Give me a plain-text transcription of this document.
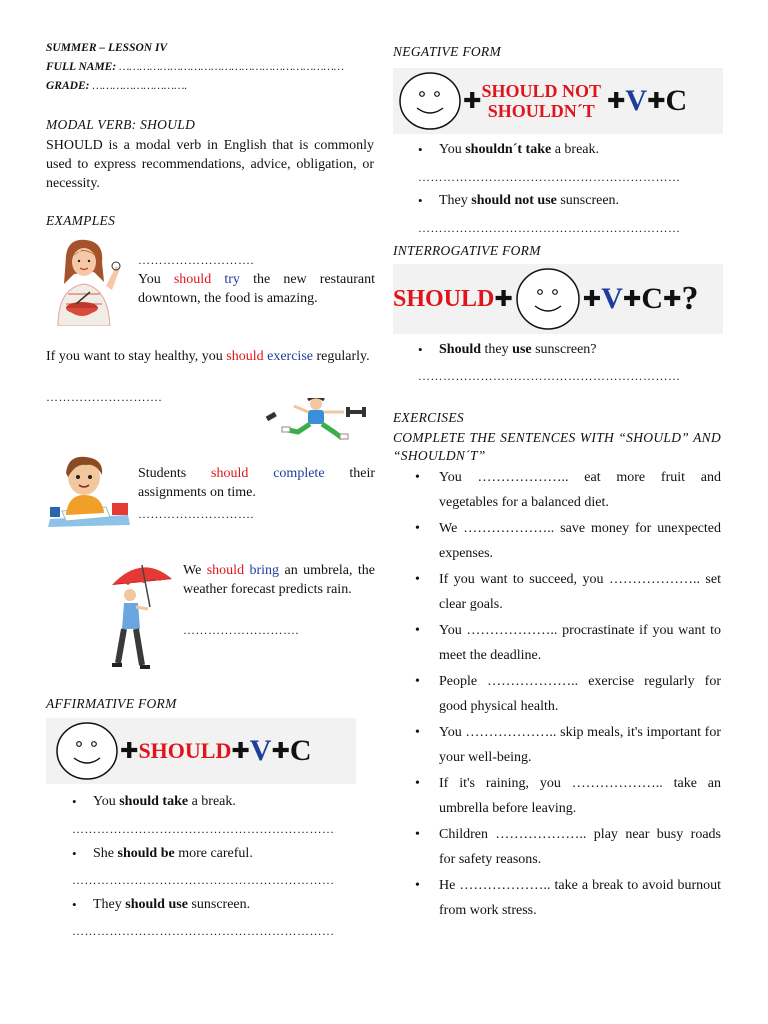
SUMMER – LESSON IV
FULL NAME: …………………………………………………………
GRADE: ……………………….
MODAL VERB: SHOULD
SHOULD is a modal verb in English that is commonly used to express recommendations, advice, obligation, or necessity.
EXAMPLES
……………………….
You should try the new restaurant downtown, the food is amazing.
If you want to stay healthy, you should exercise regularly.
……………………….
Students should complete their assignments on time.
……………………….
We should bring an umbrela, the weather forecast predicts rain.
……………………….
AFFIRMATIVE FORM
✚ SHOULD ✚ V ✚ C
• You should take a break.
………………………………………………………
• She should be more careful.
………………………………………………………
• They should use sunscreen.
………………………………………………………
NEGATIVE FORM
✚ SHOULD NOT
SHOULDN´T ✚ V ✚ C
• You shouldn´t take a break.
………………………………………………………
• They should not use sunscreen.
………………………………………………………
INTERROGATIVE FORM
SHOULD ✚	✚ V ✚ C ✚ ?
• Should they use sunscreen?
………………………………………………………
EXERCISES
COMPLETE THE SENTENCES WITH “SHOULD” AND “SHOULDN´T”
• You ……………….. eat more fruit and vegetables for a balanced diet.
• We ……………….. save money for unexpected expenses.
• If you want to succeed, you ……………….. set clear goals.
• You ……………….. procrastinate if you want to meet the deadline.
• People ……………….. exercise regularly for good physical health.
• You ……………….. skip meals, it's important for your well-being.
• If it's raining, you ……………….. take an umbrella before leaving.
• Children ……………….. play near busy roads for safety reasons.
• He ……………….. take a break to avoid burnout from work stress.
